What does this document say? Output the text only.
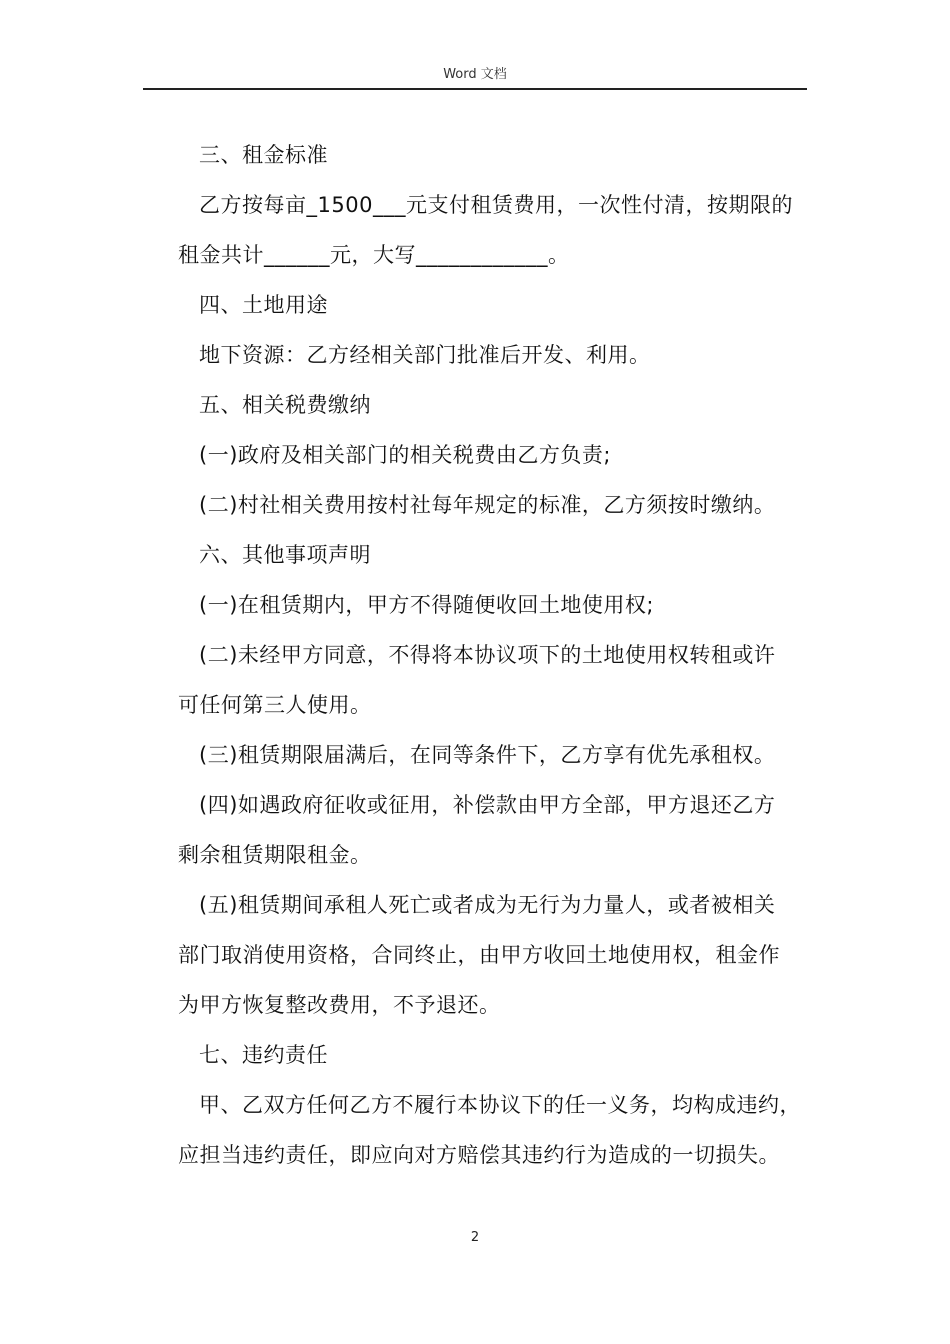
Word 文档
三、租金标准
乙方按每亩_1500___元支付租赁费用，一次性付清，按期限的
租金共计______元，大写____________。
四、土地用途
地下资源：乙方经相关部门批准后开发、利用。
五、相关税费缴纳
(一)政府及相关部门的相关税费由乙方负责;
(二)村社相关费用按村社每年规定的标准，乙方须按时缴纳。
六、其他事项声明
(一)在租赁期内，甲方不得随便收回土地使用权;
(二)未经甲方同意，不得将本协议项下的土地使用权转租或许
可任何第三人使用。
(三)租赁期限届满后，在同等条件下，乙方享有优先承租权。
(四)如遇政府征收或征用，补偿款由甲方全部，甲方退还乙方
剩余租赁期限租金。
(五)租赁期间承租人死亡或者成为无行为力量人，或者被相关
部门取消使用资格，合同终止，由甲方收回土地使用权，租金作
为甲方恢复整改费用，不予退还。
七、违约责任
甲、乙双方任何乙方不履行本协议下的任一义务，均构成违约，
应担当违约责任，即应向对方赔偿其违约行为造成的一切损失。
2
